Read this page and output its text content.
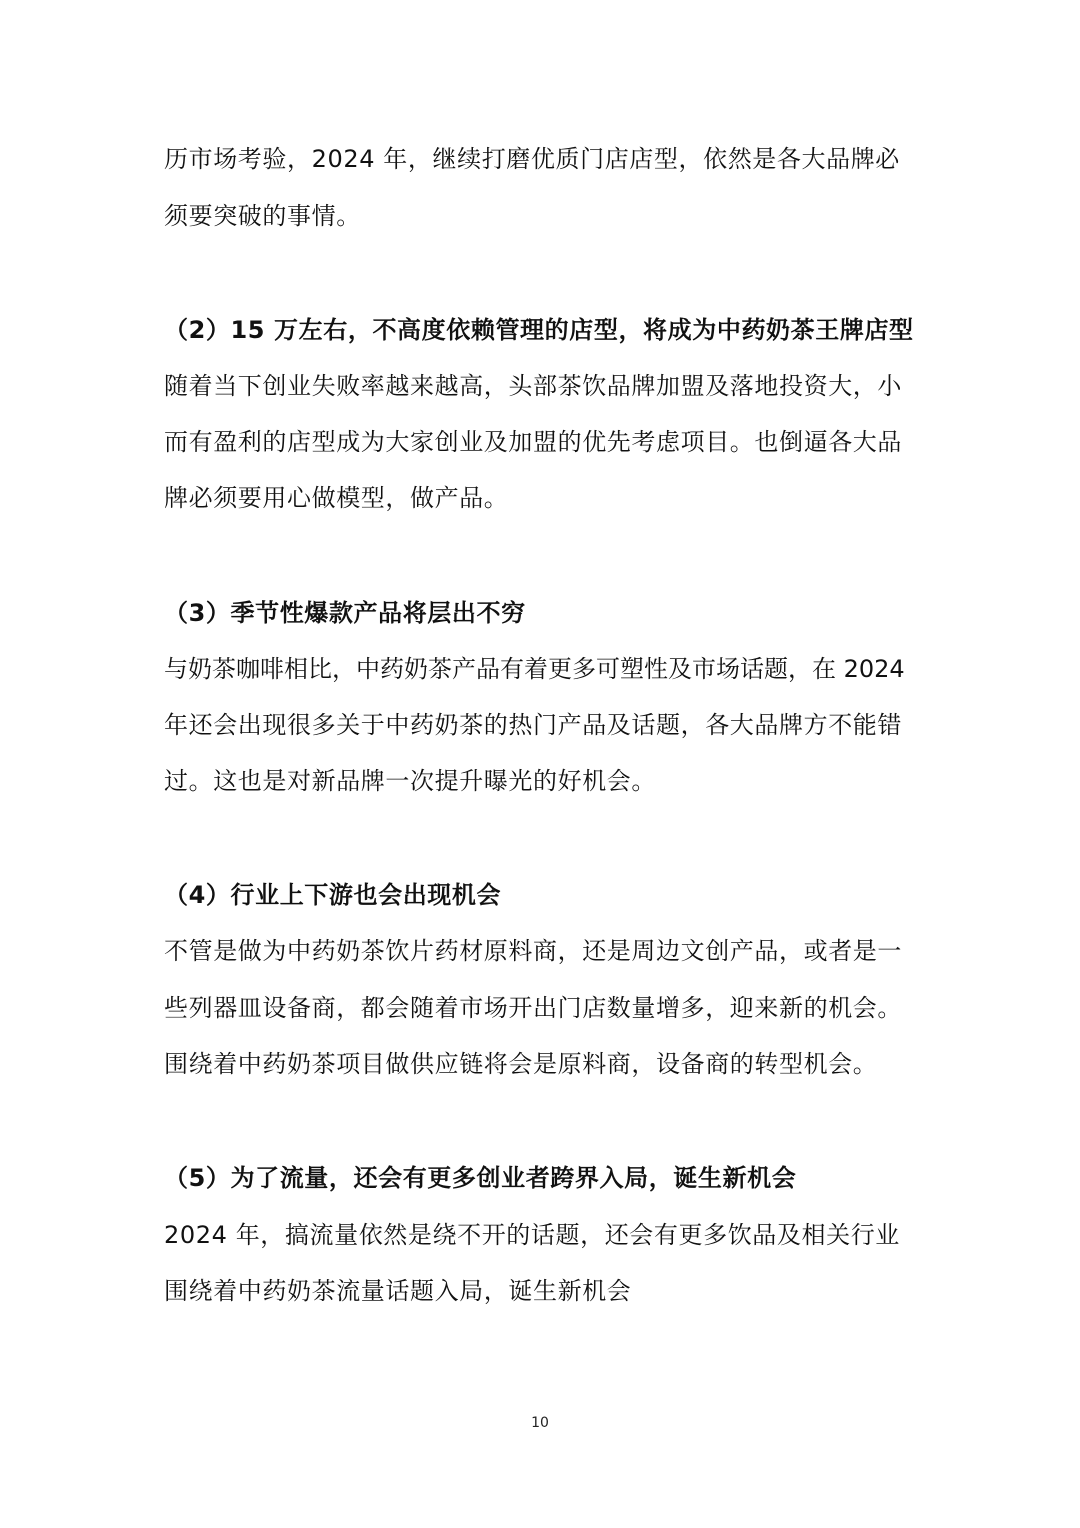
历市场考验，2024 年，继续打磨优质门店店型，依然是各大品牌必
须要突破的事情。
（2）15 万左右，不高度依赖管理的店型，将成为中药奶茶王牌店型
随着当下创业失败率越来越高，头部茶饮品牌加盟及落地投资大，小
而有盈利的店型成为大家创业及加盟的优先考虑项目。也倒逼各大品
牌必须要用心做模型，做产品。
（3）季节性爆款产品将层出不穷
与奶茶咖啡相比，中药奶茶产品有着更多可塑性及市场话题，在 2024
年还会出现很多关于中药奶茶的热门产品及话题，各大品牌方不能错
过。这也是对新品牌一次提升曝光的好机会。
（4）行业上下游也会出现机会
不管是做为中药奶茶饮片药材原料商，还是周边文创产品，或者是一
些列器皿设备商，都会随着市场开出门店数量增多，迎来新的机会。
围绕着中药奶茶项目做供应链将会是原料商，设备商的转型机会。
（5）为了流量，还会有更多创业者跨界入局，诞生新机会
2024 年，搞流量依然是绕不开的话题，还会有更多饮品及相关行业
围绕着中药奶茶流量话题入局，诞生新机会
10
